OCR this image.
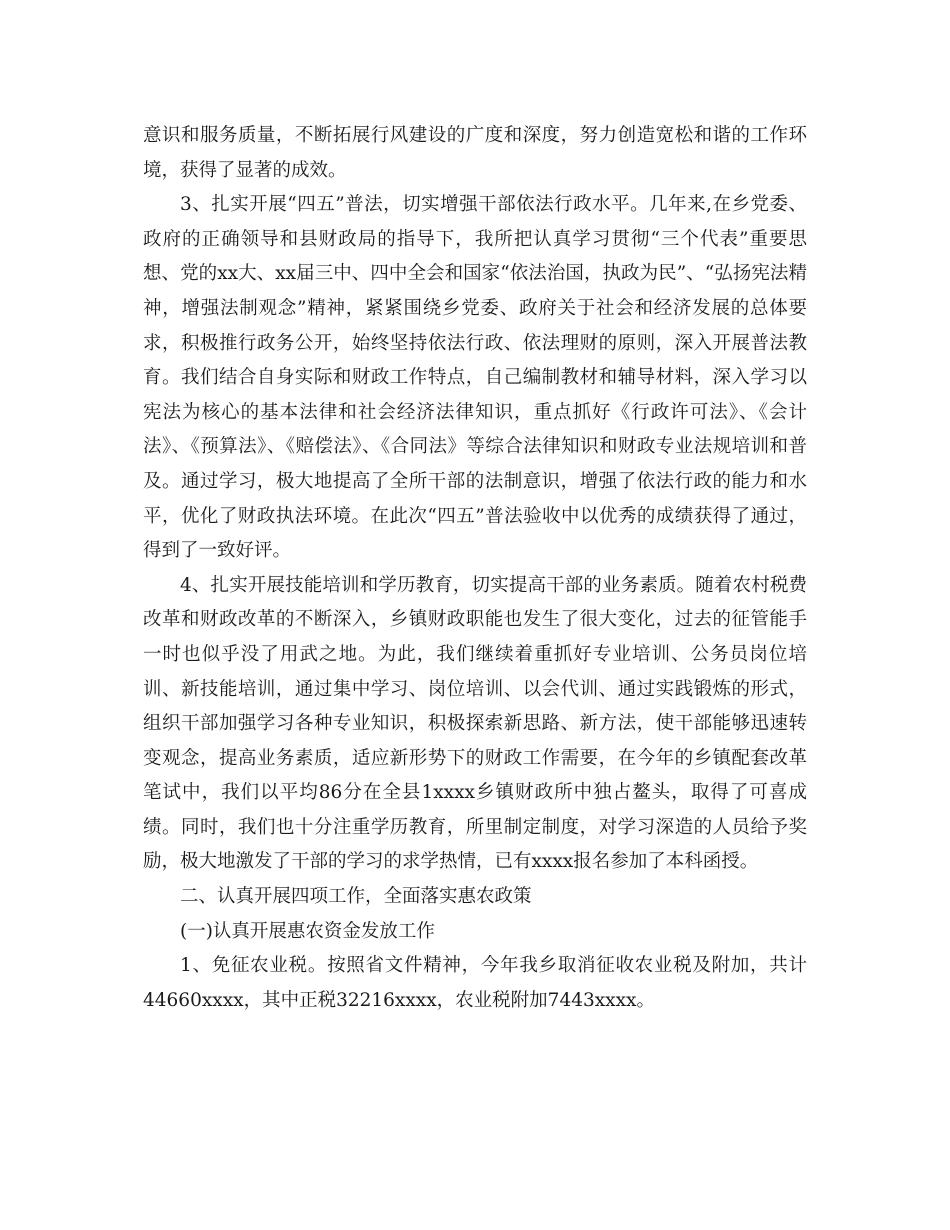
意识和服务质量，不断拓展行风建设的广度和深度，努力创造宽松和谐的工作环境，获得了显著的成效。

3、扎实开展“四五”普法，切实增强干部依法行政水平。几年来,在乡党委、政府的正确领导和县财政局的指导下，我所把认真学习贯彻“三个代表”重要思想、党的xx大、xx届三中、四中全会和国家“依法治国，执政为民”、“弘扬宪法精神，增强法制观念”精神，紧紧围绕乡党委、政府关于社会和经济发展的总体要求，积极推行政务公开，始终坚持依法行政、依法理财的原则，深入开展普法教育。我们结合自身实际和财政工作特点，自己编制教材和辅导材料，深入学习以宪法为核心的基本法律和社会经济法律知识，重点抓好《行政许可法》、《会计法》、《预算法》、《赔偿法》、《合同法》等综合法律知识和财政专业法规培训和普及。通过学习，极大地提高了全所干部的法制意识，增强了依法行政的能力和水平，优化了财政执法环境。在此次“四五”普法验收中以优秀的成绩获得了通过，得到了一致好评。

4、扎实开展技能培训和学历教育，切实提高干部的业务素质。随着农村税费改革和财政改革的不断深入，乡镇财政职能也发生了很大变化，过去的征管能手一时也似乎没了用武之地。为此，我们继续着重抓好专业培训、公务员岗位培训、新技能培训，通过集中学习、岗位培训、以会代训、通过实践锻炼的形式，组织干部加强学习各种专业知识，积极探索新思路、新方法，使干部能够迅速转变观念，提高业务素质，适应新形势下的财政工作需要，在今年的乡镇配套改革笔试中，我们以平均86分在全县1xxxx乡镇财政所中独占鳌头，取得了可喜成绩。同时，我们也十分注重学历教育，所里制定制度，对学习深造的人员给予奖励，极大地激发了干部的学习的求学热情，已有xxxx报名参加了本科函授。

二、认真开展四项工作，全面落实惠农政策

(一)认真开展惠农资金发放工作

1、免征农业税。按照省文件精神，今年我乡取消征收农业税及附加，共计44660xxxx，其中正税32216xxxx，农业税附加7443xxxx。
